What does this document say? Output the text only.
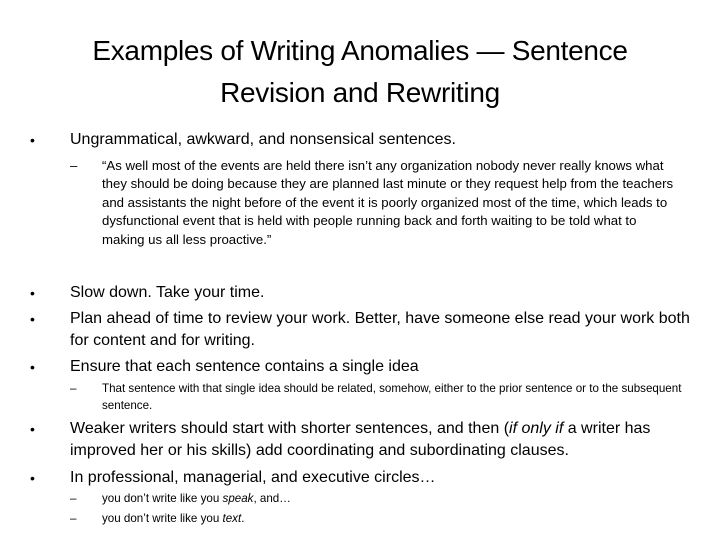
Examples of Writing Anomalies — Sentence Revision and Rewriting
•	Ungrammatical, awkward, and nonsensical sentences.
–	“As well most of the events are held there isn’t any organization nobody never really knows what they should be doing because they are planned last minute or they request help from the teachers and assistants the night before of the event it is poorly organized most of the time, which leads to dysfunctional event that is held with people running back and forth waiting to be told what to making us all less proactive.”
•	Slow down. Take your time.
•	Plan ahead of time to review your work. Better, have someone else read your work both for content and for writing.
•	Ensure that each sentence contains a single idea
–	That sentence with that single idea should be related, somehow, either to the prior sentence or to the subsequent sentence.
•	Weaker writers should start with shorter sentences, and then (if only if a writer has improved her or his skills) add coordinating and subordinating clauses.
•	In professional, managerial, and executive circles…
–	you don’t write like you speak, and…
–	you don’t write like you text.
